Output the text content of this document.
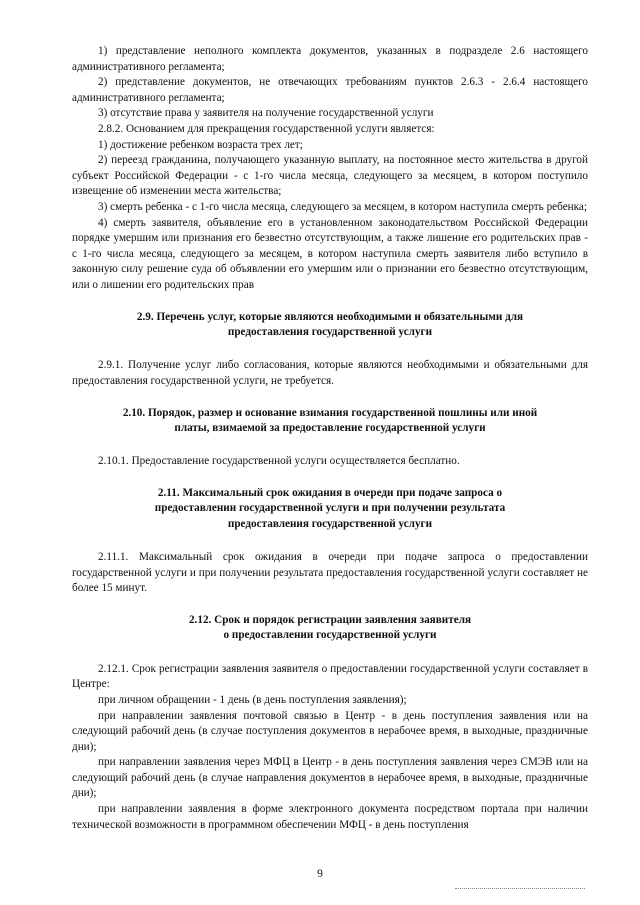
1) представление неполного комплекта документов, указанных в подразделе 2.6 настоящего административного регламента;

2) представление документов, не отвечающих требованиям пунктов 2.6.3 - 2.6.4 настоящего административного регламента;

3) отсутствие права у заявителя на получение государственной услуги

2.8.2. Основанием для прекращения государственной услуги является:

1) достижение ребенком возраста трех лет;

2) переезд гражданина, получающего указанную выплату, на постоянное место жительства в другой субъект Российской Федерации - с 1-го числа месяца, следующего за месяцем, в котором поступило извещение об изменении места жительства;

3) смерть ребенка - с 1-го числа месяца, следующего за месяцем, в котором наступила смерть ребенка;

4) смерть заявителя, объявление его в установленном законодательством Российской Федерации порядке умершим или признания его безвестно отсутствующим, а также лишение его родительских прав - с 1-го числа месяца, следующего за месяцем, в котором наступила смерть заявителя либо вступило в законную силу решение суда об объявлении его умершим или о признании его безвестно отсутствующим, или о лишении его родительских прав

2.9. Перечень услуг, которые являются необходимыми и обязательными для
предоставления государственной услуги

2.9.1. Получение услуг либо согласования, которые являются необходимыми и обязательными для предоставления государственной услуги, не требуется.

2.10. Порядок, размер и основание взимания государственной пошлины или иной
платы, взимаемой за предоставление государственной услуги

2.10.1. Предоставление государственной услуги осуществляется бесплатно.

2.11. Максимальный срок ожидания в очереди при подаче запроса о
предоставлении государственной услуги и при получении результата
предоставления государственной услуги

2.11.1. Максимальный срок ожидания в очереди при подаче запроса о предоставлении государственной услуги и при получении результата предоставления государственной услуги составляет не более 15 минут.

2.12. Срок и порядок регистрации заявления заявителя
о предоставлении государственной услуги

2.12.1. Срок регистрации заявления заявителя о предоставлении государственной услуги составляет в Центре:

при личном обращении - 1 день (в день поступления заявления);

при направлении заявления почтовой связью в Центр - в день поступления заявления или на следующий рабочий день (в случае поступления документов в нерабочее время, в выходные, праздничные дни);

при направлении заявления через МФЦ в Центр - в день поступления заявления через СМЭВ или на следующий рабочий день (в случае направления документов в нерабочее время, в выходные, праздничные дни);

при направлении заявления в форме электронного документа посредством портала при наличии технической возможности в программном обеспечении МФЦ - в день поступления

9
